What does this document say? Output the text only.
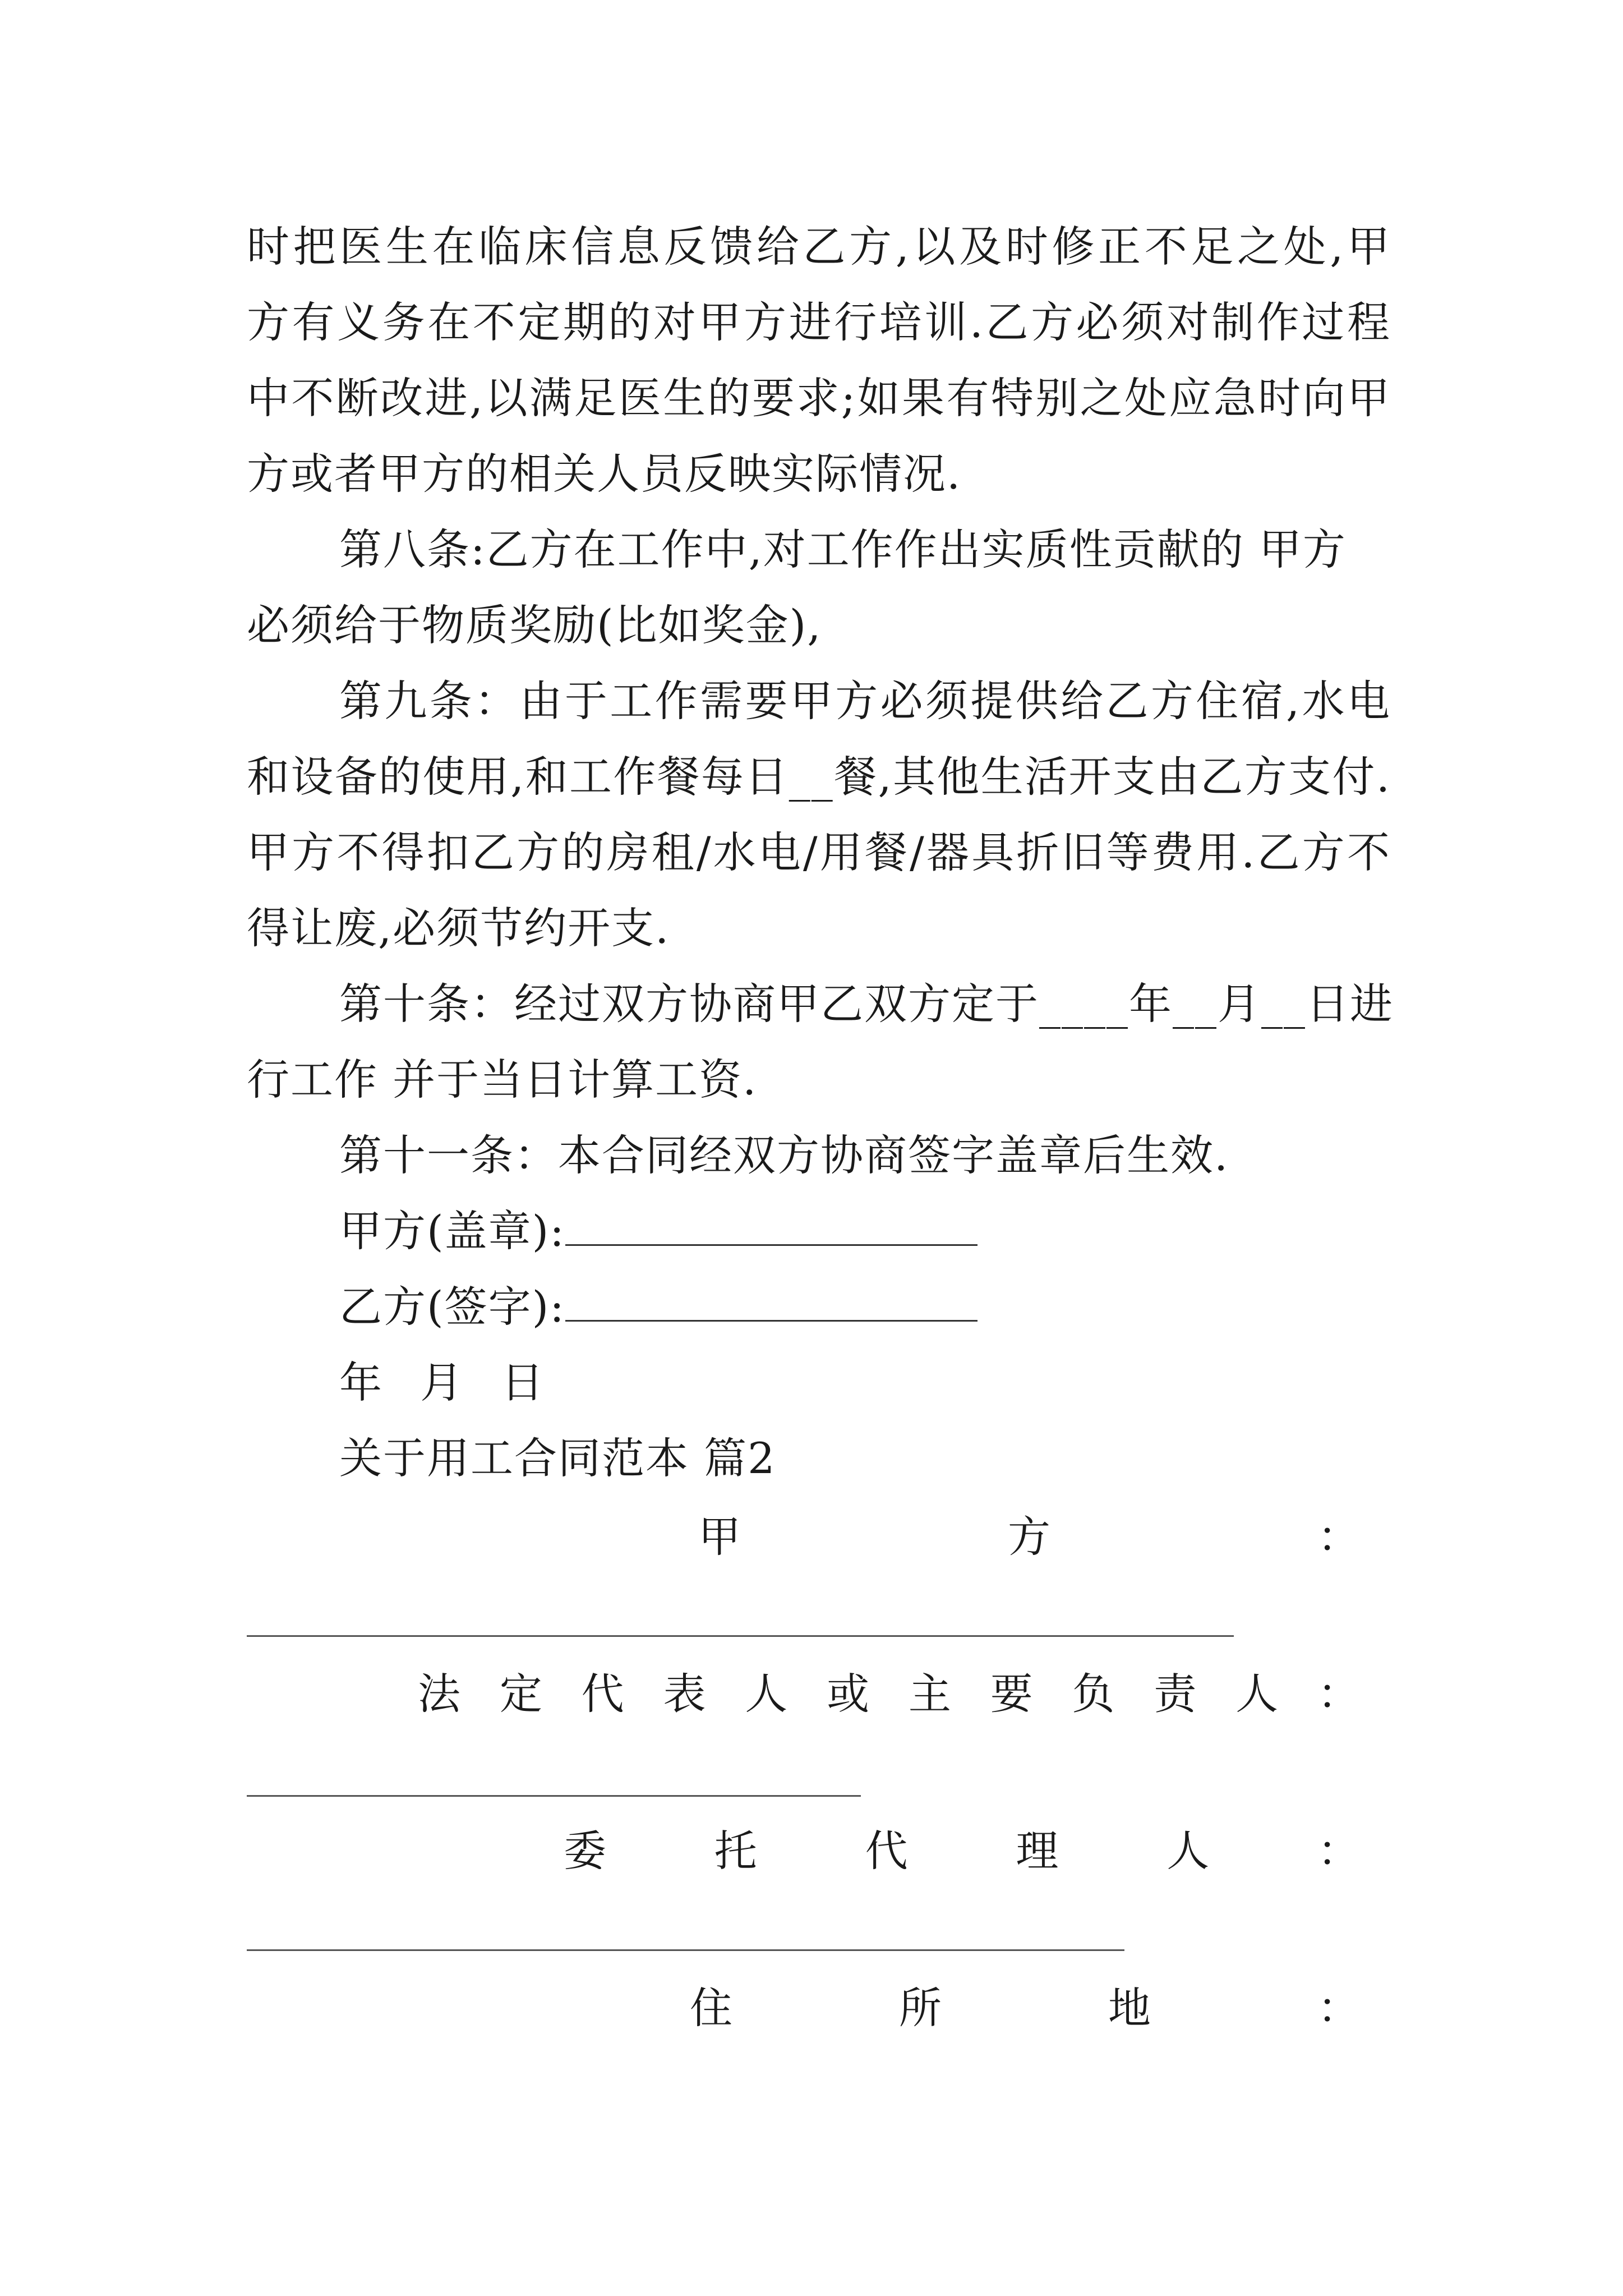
时把医生在临床信息反馈给乙方,以及时修正不足之处,甲
方有义务在不定期的对甲方进行培训.乙方必须对制作过程
中不断改进,以满足医生的要求;如果有特别之处应急时向甲
方或者甲方的相关人员反映实际情况.
第八条:乙方在工作中,对工作作出实质性贡献的 甲方
必须给于物质奖励(比如奖金),
第九条：由于工作需要甲方必须提供给乙方住宿,水电
和设备的使用,和工作餐每日__餐,其他生活开支由乙方支付.
甲方不得扣乙方的房租/水电/用餐/器具折旧等费用.乙方不
得让废,必须节约开支.
第十条：经过双方协商甲乙双方定于____年__月__日进
行工作 并于当日计算工资.
第十一条：本合同经双方协商签字盖章后生效.
甲方(盖章):
乙方(签字):
年 月 日
关于用工合同范本 篇2
甲	方	：
法 定 代 表 人 或 主 要 负 责 人 ：
委	托	代	理	人	：
住	所	地	：
